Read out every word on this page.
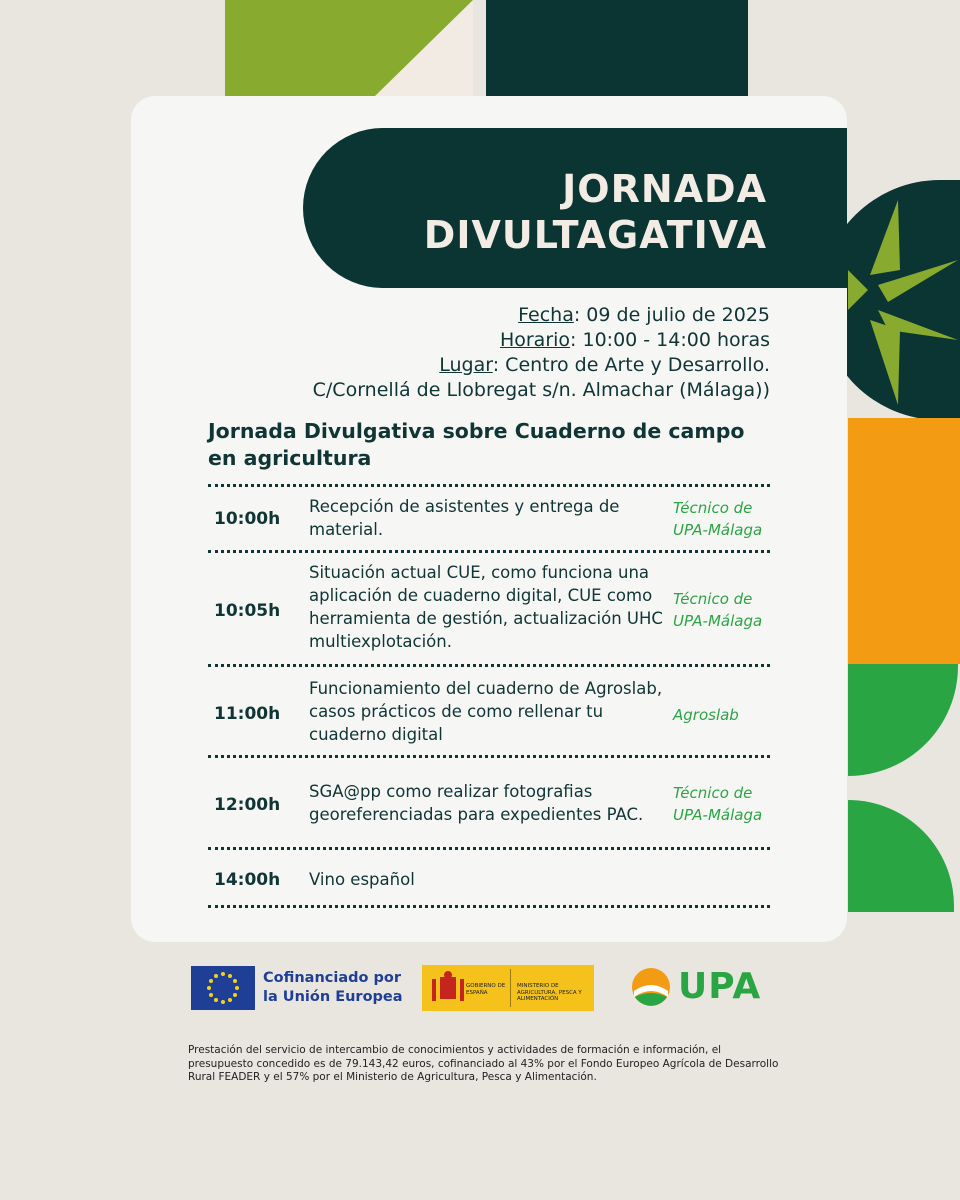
JORNADA
DIVULTAGATIVA
Fecha: 09 de julio de 2025
Horario: 10:00 - 14:00 horas
Lugar: Centro de Arte y Desarrollo.
C/Cornellá de Llobregat s/n. Almachar (Málaga))
Jornada Divulgativa sobre Cuaderno de campo en agricultura
10:00h
Recepción de asistentes y entrega de material.
Técnico de UPA-Málaga
10:05h
Situación actual CUE, como funciona una aplicación de cuaderno digital, CUE como herramienta de gestión, actualización UHC multiexplotación.
Técnico de UPA-Málaga
11:00h
Funcionamiento del cuaderno de Agroslab, casos prácticos de como rellenar tu cuaderno digital
Agroslab
12:00h
SGA@pp como realizar fotografias georeferenciadas para expedientes PAC.
Técnico de UPA-Málaga
14:00h Vino español
Cofinanciado por
la Unión Europea
GOBIERNO DE ESPAÑA
MINISTERIO DE AGRICULTURA, PESCA Y ALIMENTACIÓN	UPA
Prestación del servicio de intercambio de conocimientos y actividades de formación e información, el presupuesto concedido es de 79.143,42 euros, cofinanciado al 43% por el Fondo Europeo Agrícola de Desarrollo Rural FEADER y el 57% por el Ministerio de Agricultura, Pesca y Alimentación.
